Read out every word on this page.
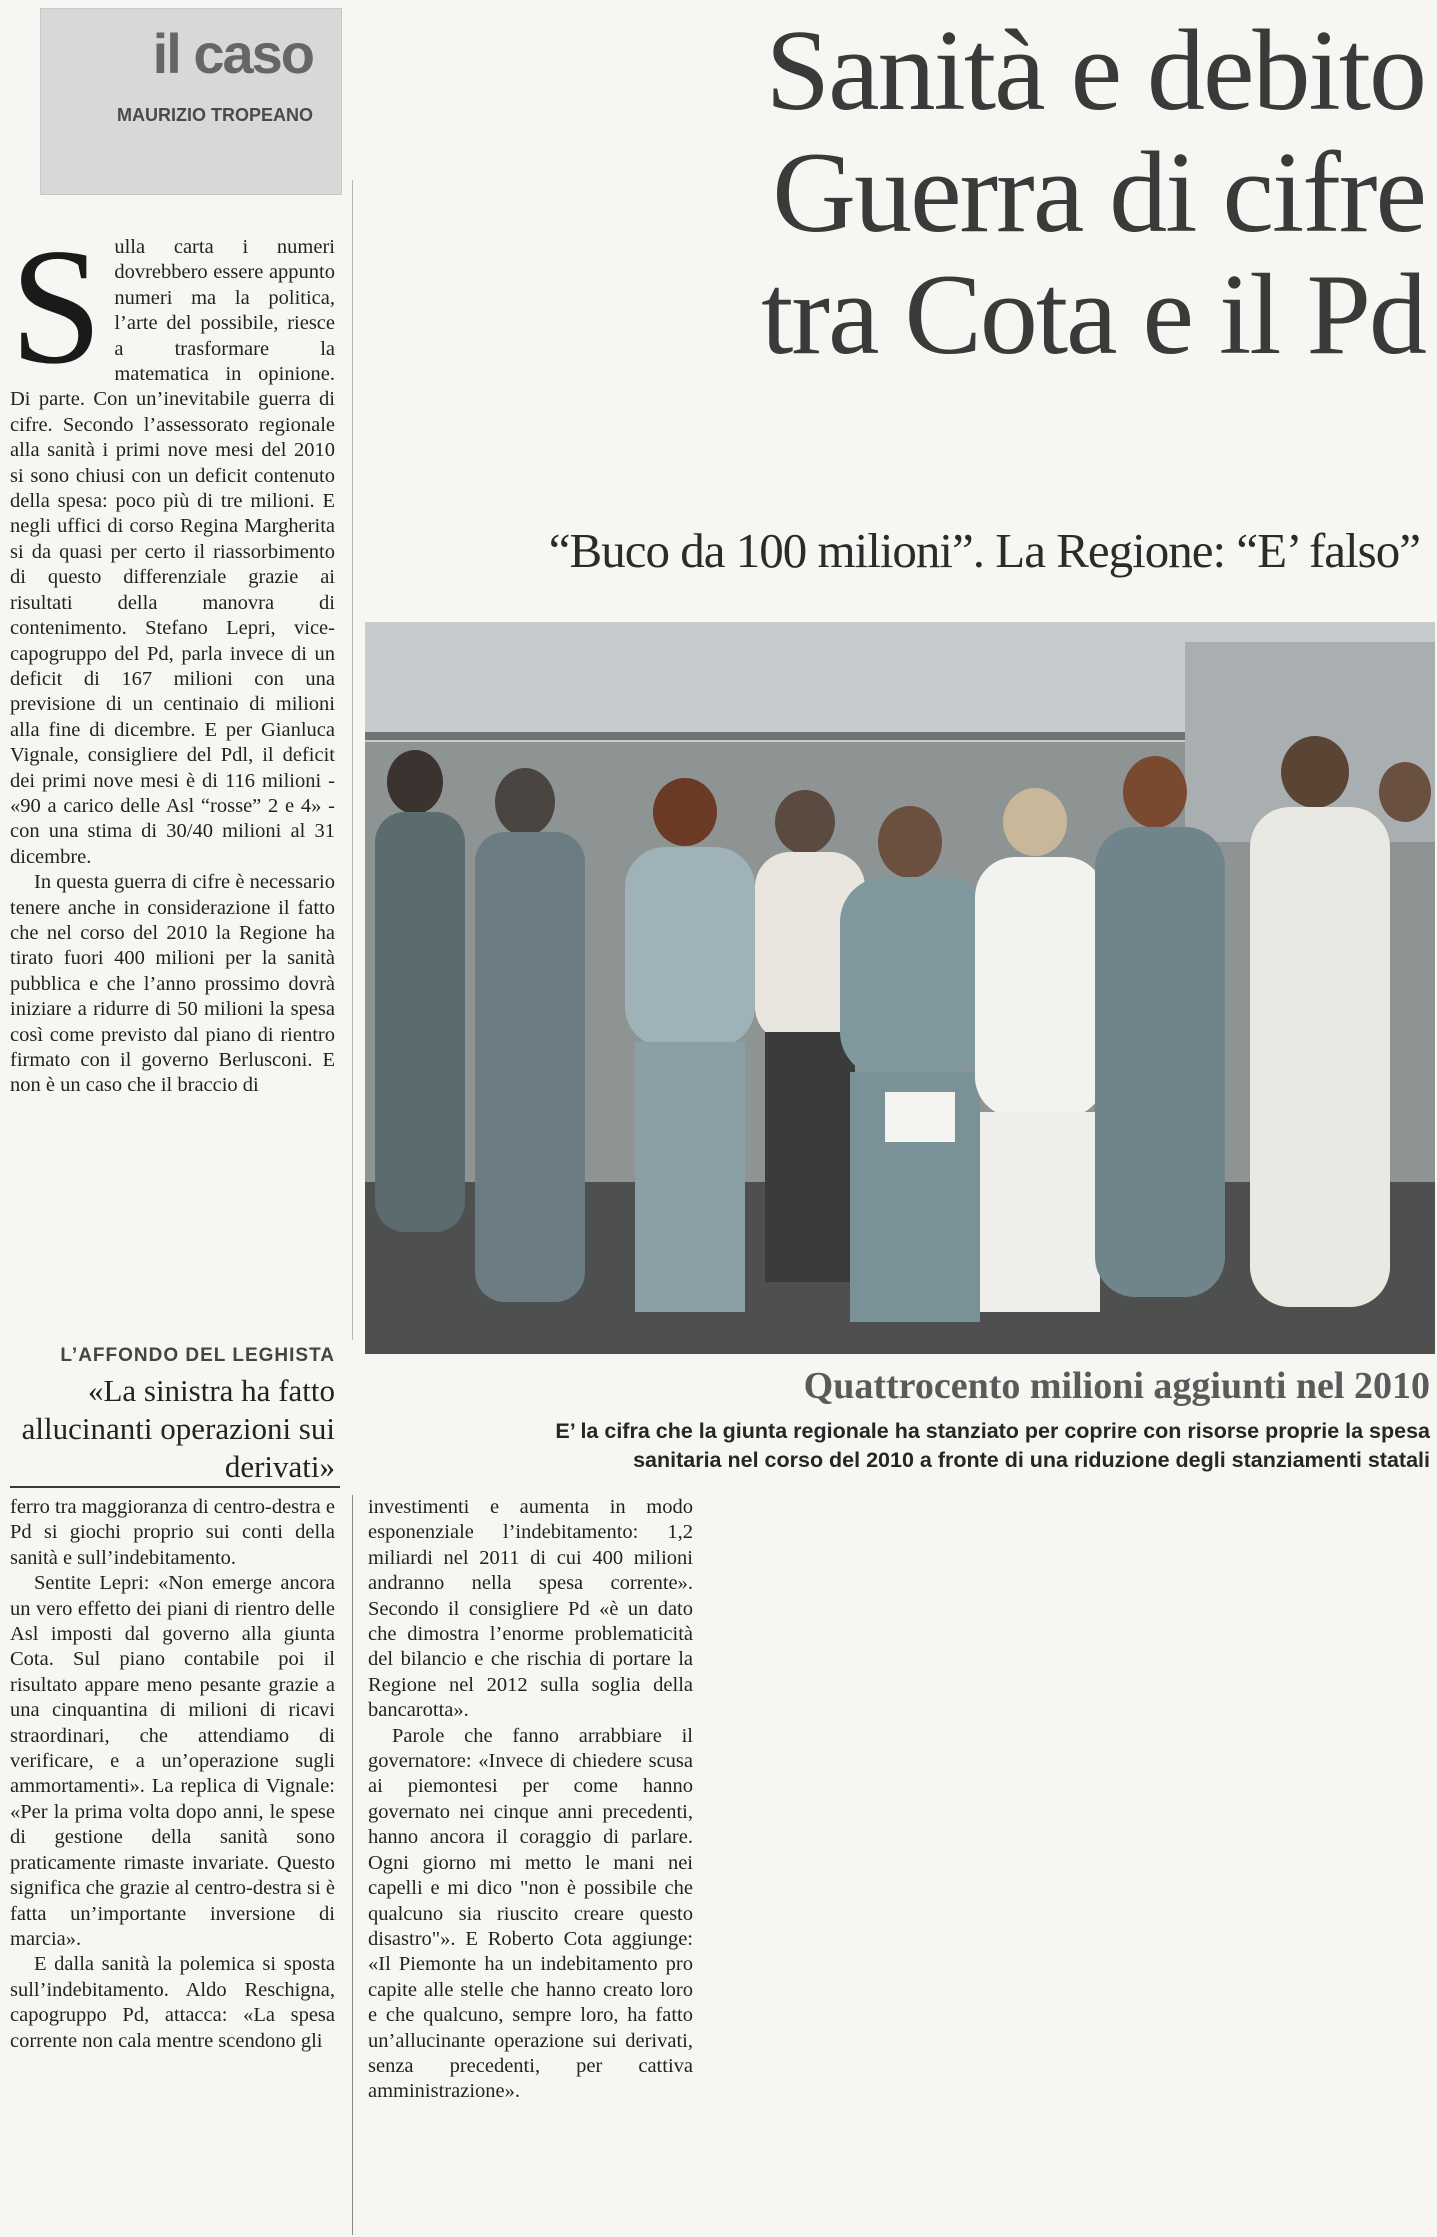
il caso
MAURIZIO TROPEANO	Sanità e debito
Guerra di cifre
tra Cota e il Pd
“Buco da 100 milioni”. La Regione: “E’ falso”
Quattrocento milioni aggiunti nel 2010
E’ la cifra che la giunta regionale ha stanziato per coprire con risorse proprie la spesa sanitaria nel corso del 2010 a fronte di una riduzione degli stanziamenti statali

Sulla carta i numeri dovrebbero essere appunto numeri ma la politica, l’arte del possibile, riesce a trasformare la matematica in opinione. Di parte. Con un’inevitabile guerra di cifre. Secondo l’assessorato regionale alla sanità i primi nove mesi del 2010 si sono chiusi con un deficit contenuto della spesa: poco più di tre milioni. E negli uffici di corso Regina Margherita si da quasi per certo il riassorbimento di questo differenziale grazie ai risultati della manovra di contenimento. Stefano Lepri, vice-capogruppo del Pd, parla invece di un deficit di 167 milioni con una previsione di un centinaio di milioni alla fine di dicembre. E per Gianluca Vignale, consigliere del Pdl, il deficit dei primi nove mesi è di 116 milioni - «90 a carico delle Asl “rosse” 2 e 4» - con una stima di 30/40 milioni al 31 dicembre.

In questa guerra di cifre è necessario tenere anche in considerazione il fatto che nel corso del 2010 la Regione ha tirato fuori 400 milioni per la sanità pubblica e che l’anno prossimo dovrà iniziare a ridurre di 50 milioni la spesa così come previsto dal piano di rientro firmato con il governo Berlusconi. E non è un caso che il braccio di

L’AFFONDO DEL LEGHISTA
«La sinistra ha fatto allucinanti operazioni sui derivati»

ferro tra maggioranza di centro-destra e Pd si giochi proprio sui conti della sanità e sull’indebitamento.

Sentite Lepri: «Non emerge ancora un vero effetto dei piani di rientro delle Asl imposti dal governo alla giunta Cota. Sul piano contabile poi il risultato appare meno pesante grazie a una cinquantina di milioni di ricavi straordinari, che attendiamo di verificare, e a un’operazione sugli ammortamenti». La replica di Vignale: «Per la prima volta dopo anni, le spese di gestione della sanità sono praticamente rimaste invariate. Questo significa che grazie al centro-destra si è fatta un’importante inversione di marcia».

E dalla sanità la polemica si sposta sull’indebitamento. Aldo Reschigna, capogruppo Pd, attacca: «La spesa corrente non cala mentre scendono gli

investimenti e aumenta in modo esponenziale l’indebitamento: 1,2 miliardi nel 2011 di cui 400 milioni andranno nella spesa corrente». Secondo il consigliere Pd «è un dato che dimostra l’enorme problematicità del bilancio e che rischia di portare la Regione nel 2012 sulla soglia della bancarotta».

Parole che fanno arrabbiare il governatore: «Invece di chiedere scusa ai piemontesi per come hanno governato nei cinque anni precedenti, hanno ancora il coraggio di parlare. Ogni giorno mi metto le mani nei capelli e mi dico "non è possibile che qualcuno sia riuscito creare questo disastro"». E Roberto Cota aggiunge: «Il Piemonte ha un indebitamento pro capite alle stelle che hanno creato loro e che qualcuno, sempre loro, ha fatto un’allucinante operazione sui derivati, senza precedenti, per cattiva amministrazione».
